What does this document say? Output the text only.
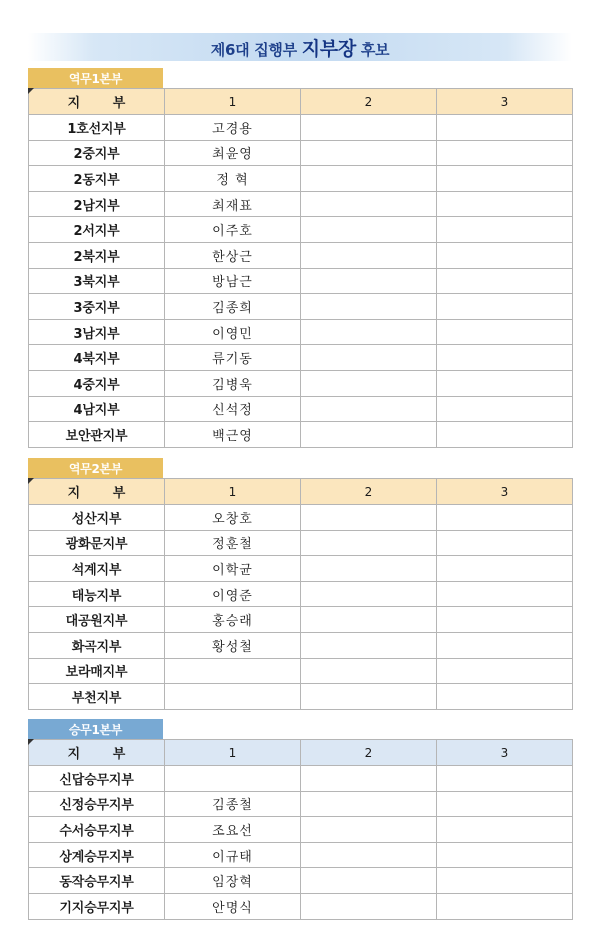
제6대 집행부 지부장 후보
역무1본부
지 부	1	2	3
1호선지부	고경용		
2중지부	최윤영		
2동지부	정 혁		
2남지부	최재표		
2서지부	이주호		
2북지부	한상근		
3북지부	방남근		
3중지부	김종희		
3남지부	이영민		
4북지부	류기동		
4중지부	김병욱		
4남지부	신석정		
보안관지부	백근영		
역무2본부
지 부	1	2	3
성산지부	오창호		
광화문지부	정훈철		
석계지부	이학균		
태능지부	이영준		
대공원지부	홍승래		
화곡지부	황성철		
보라매지부			
부천지부			
승무1본부
지 부	1	2	3
신답승무지부			
신정승무지부	김종철		
수서승무지부	조요선		
상계승무지부	이규태		
동작승무지부	임장혁		
기지승무지부	안명식		
